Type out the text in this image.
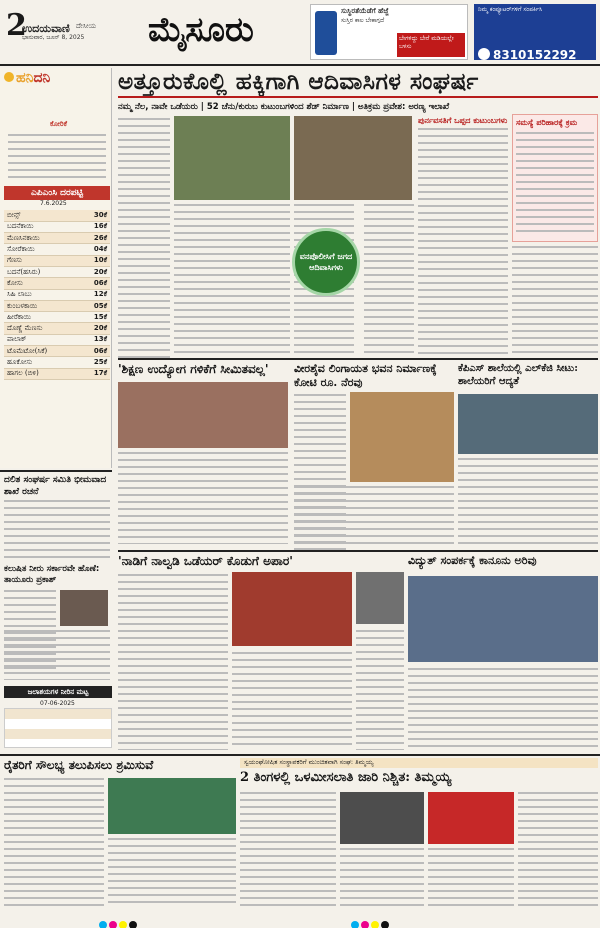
2
ಉದಯವಾಣಿ ದೇಸೀಯ
ಭಾನುವಾರ, ಜೂನ್ 8, 2025 ಮೈಸೂರು	ಸುಸ್ಥಿರತೆಯೆಡೆಗೆ ಹೆಜ್ಜೆ
ಸುಸ್ತಿರ ಕಾಲ ಬೇಕಾಗ್ಗದೆ
ಬೇಗಳಿದ್ದು ಬೇರೆ ಮಡಿಯಲ್ಲೇ ಬಳಸು
ನಿಮ್ಮ ಕಂಪ್ಯೂಟರ್‌ಗಳಿಗೆ ಸಂಪರ್ಕಿಸಿ
8310152292
ಹನಿದನಿ
ಕೋರಿಕೆ
ಎಪಿಎಂಸಿ ದರಪಟ್ಟಿ
7.6.2025
ಬೀನ್ಸ್	30ಕೆ
ಬದನೆಕಾಯಿ	16ಕೆ
ಮೆಣಸಿನಕಾಯಿ	26ಕೆ
ಸೋರೆಕಾಯಿ	04ಕೆ
ಗೆಣಸು	10ಕೆ
ಬದನೆ(ಹಸಿರು)	20ಕೆ
ಕೋಸು	06ಕೆ
ಸಿಹಿ ಲಾಬು	12ಕೆ
ಕುಂಬಳಕಾಯಿ	05ಕೆ
ಹೀರೆಕಾಯಿ	15ಕೆ
ದೊಣ್ಣೆ ಮೆಣಸು	20ಕೆ
ಪಾಲಾಕ್	13ಕೆ
ಟೊಮೆಟೋ(ಸಿಕೆ)	06ಕೆ
ಹೂಕೋಸು	25ಕೆ
ಹಾಗಲ (ಬಿಳಿ)	17ಕೆ
ಅತ್ತೂರುಕೊಲ್ಲಿ ಹಕ್ಕಿಗಾಗಿ ಆದಿವಾಸಿಗಳ ಸಂಘರ್ಷ
ನಮ್ಮ ನೆಲ, ನಾವೇ ಒಡೆಯರು | 52 ಚೆನು/ಕುರುಬ ಕುಟುಂಬಗಳಿಂದ ಶೆಡ್ ನಿರ್ಮಾಣ | ಅತಿಕ್ರಮ ಪ್ರವೇಶ: ಅರಣ್ಯ ಇಲಾಖೆ
ವನಪೊಲೀಸಿಗೆ ಜಗದ ಆದಿವಾಸಿಗಳು
ಪುರ್ನವಸತಿಗೆ ಒಪ್ಪದ ಕುಟುಂಬಗಳು ಸಮಸ್ಯೆ ಪರಿಹಾರಕ್ಕೆ ಕ್ರಮ
'ಶಿಕ್ಷಣ ಉದ್ಯೋಗ ಗಳಿಕೆಗೆ ಸೀಮಿತವಲ್ಲ' ವೀರಶೈವ ಲಿಂಗಾಯತ ಭವನ ನಿರ್ಮಾಣಕ್ಕೆ ಕೋಟಿ ರೂ. ನೆರವು
ಕೆಪಿಎಸ್‌ ಶಾಲೆಯಲ್ಲಿ ಎಲ್‌ಕೆಜಿ ಸೀಟು: ಶಾಲೆಯರಿಗೆ ಆದ್ಯತೆ
ದಲಿತ ಸಂಘರ್ಷ ಸಮಿತಿ ಭೀಮವಾದ ಶಾಖೆ ರಚನೆ
ಕಲುಷಿತ ನೀರು ಸರ್ಕಾರವೇ ಹೊಣೆ: ತಾಯೂರು ಪ್ರಕಾಶ್
ಜಲಾಶಯಗಳ ನೀರಿನ ಮಟ್ಟ
07-06-2025
'ನಾಡಿಗೆ ನಾಲ್ವಡಿ ಒಡೆಯರ್ ಕೊಡುಗೆ ಅಪಾರ'	ವಿದ್ಯುತ್ ಸಂಪರ್ಕಕ್ಕೆ ಕಾನೂನು ಅರಿವು
ರೈತರಿಗೆ ಸೌಲಭ್ಯ ತಲುಪಿಸಲು ಶ್ರಮಿಸುವೆ	ಸ್ವಯಂಘೋಷಿತ ಸಂಸ್ಥಾಪಕರಿಗೆ ಮುಂಚಿತವಾಗಿ ಸಂಘ: ತಿಮ್ಮಯ್ಯ
2 ತಿಂಗಳಲ್ಲಿ ಒಳಮೀಸಲಾತಿ ಜಾರಿ ನಿಶ್ಚಿತ: ತಿಮ್ಮಯ್ಯ
